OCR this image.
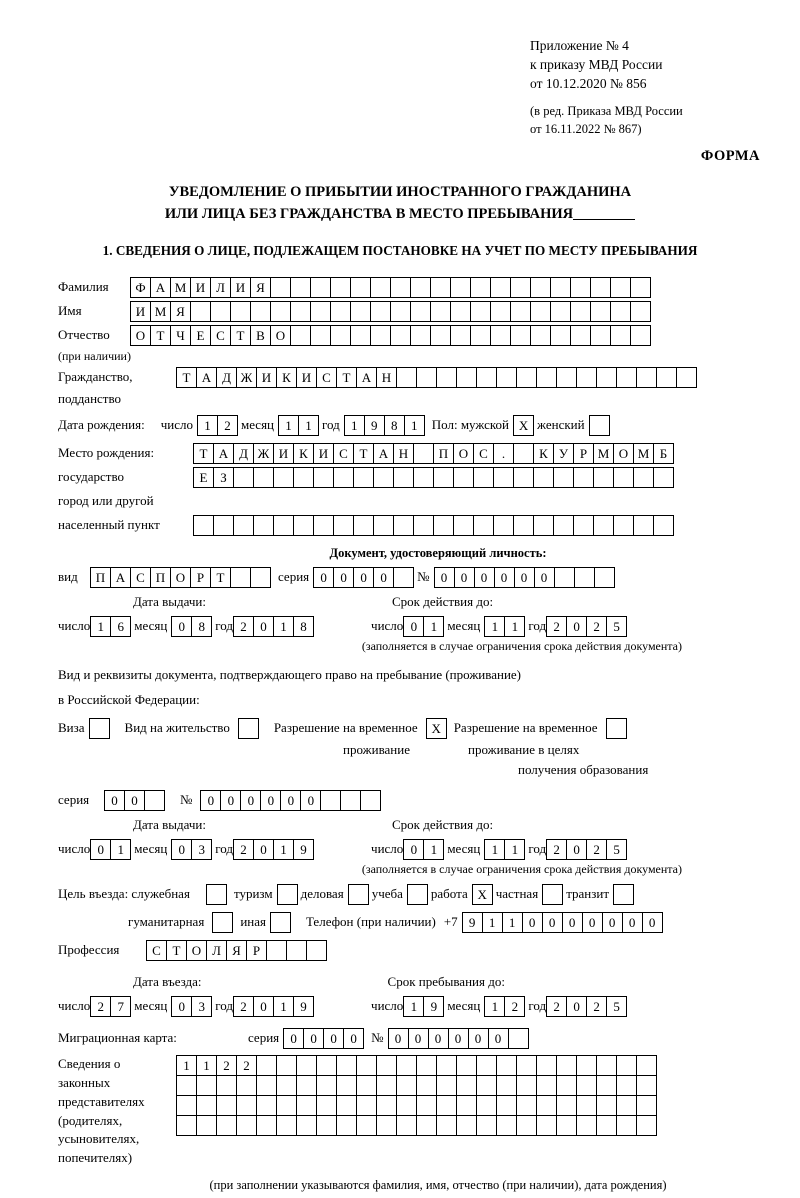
Приложение № 4
к приказу МВД России
от 10.12.2020 № 856
(в ред. Приказа МВД России
от 16.11.2022 № 867)
ФОРМА
УВЕДОМЛЕНИЕ О ПРИБЫТИИ ИНОСТРАННОГО ГРАЖДАНИНА
ИЛИ ЛИЦА БЕЗ ГРАЖДАНСТВА В МЕСТО ПРЕБЫВАНИЯ
1. СВЕДЕНИЯ О ЛИЦЕ, ПОДЛЕЖАЩЕМ ПОСТАНОВКЕ НА УЧЕТ ПО МЕСТУ ПРЕБЫВАНИЯ
Фамилия	Ф А М И Л И Я
Имя	И М Я
Отчество	О Т Ч Е С Т В О
(при наличии)
Гражданство,	Т А Д Ж И К И С Т А Н
подданство
Дата рождения: число 1	2 месяц 1	1 год 1	9	8	1	Пол: мужской Х женский
Место рождения:	Т А Д Ж И К И С Т А Н	П О С	.	К У Р М О М Б
государство	Е З
город или другой
населенный пункт
Документ, удостоверяющий личность:
вид	П А С П О Р Т	серия 0	0	0	0	№ 0	0	0	0	0	0
Дата выдачи:	Срок действия до:
число 1	6 месяц 0	8 год 2	0	1	8	число 0	1 месяц 1	1 год 2	0	2	5
(заполняется в случае ограничения срока действия документа)
Вид и реквизиты документа, подтверждающего право на пребывание (проживание)
в Российской Федерации:
Виза	Вид на жительство	Разрешение на временное	Х Разрешение на временное
проживание	проживание в целях
получения образования
серия	0	0	№	0	0	0	0	0	0
Дата выдачи:	Срок действия до:
число 0	1 месяц 0	3 год 2	0	1	9	число 0	1 месяц 1	1 год 2	0	2	5
(заполняется в случае ограничения срока действия документа)
Цель въезда: служебная	туризм деловая учеба работа Х частная транзит
гуманитарная	иная	Телефон (при наличии) +7 9	1	1	0	0	0	0	0	0	0
Профессия	С Т О Л Я Р
Дата въезда:	Срок пребывания до:
число 2	7 месяц 0	3 год 2	0	1	9	число 1	9 месяц 1	2 год 2	0	2	5
Миграционная карта:	серия 0	0	0	0	№ 0	0	0	0	0	0
Сведения о
законных
представителях
(родителях,
усыновителях,
попечителях)
1	1	2	2
(при заполнении указываются фамилия, имя, отчество (при наличии), дата рождения)
